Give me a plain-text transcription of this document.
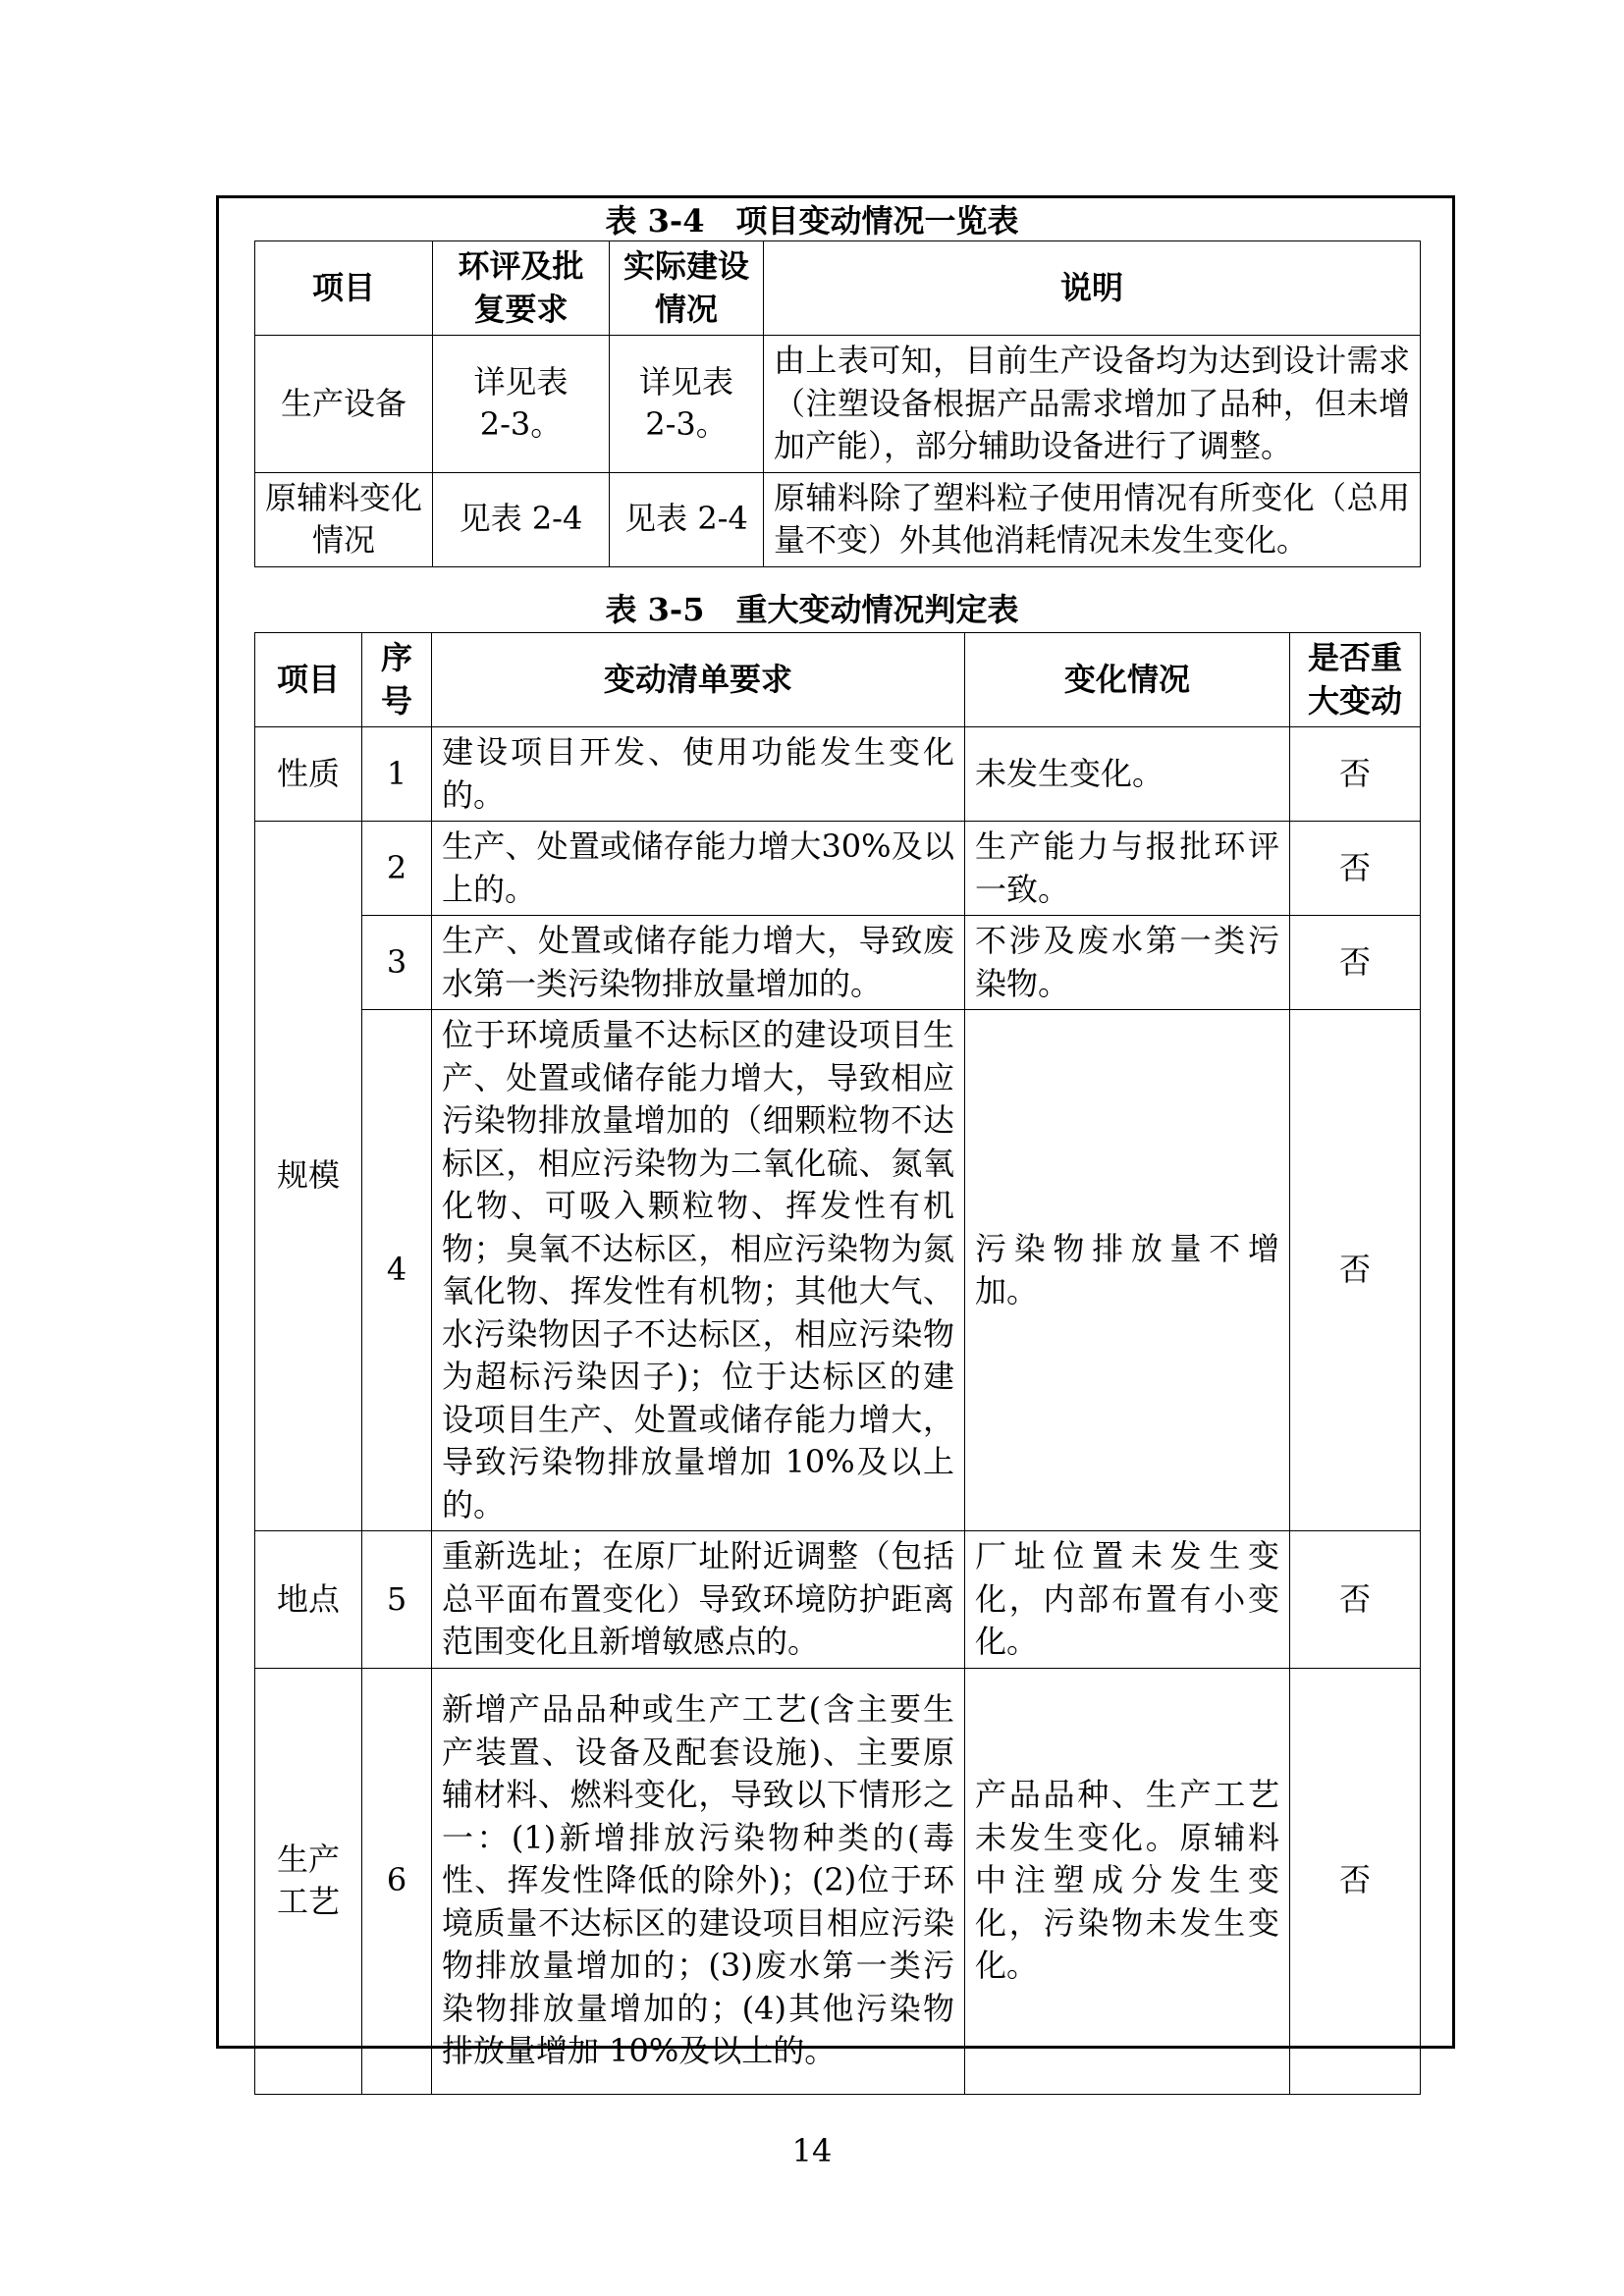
表 3-4　项目变动情况一览表
项目	环评及批复要求	实际建设情况	说明
生产设备	详见表2-3。	详见表2-3。	由上表可知，目前生产设备均为达到设计需求（注塑设备根据产品需求增加了品种，但未增加产能），部分辅助设备进行了调整。
原辅料变化情况	见表 2-4	见表 2-4	原辅料除了塑料粒子使用情况有所变化（总用量不变）外其他消耗情况未发生变化。
表 3-5　重大变动情况判定表
项目	序号	变动清单要求	变化情况	是否重大变动
性质	1	建设项目开发、使用功能发生变化的。	未发生变化。	否
规模	2	生产、处置或储存能力增大30%及以上的。	生产能力与报批环评一致。	否
	3	生产、处置或储存能力增大，导致废水第一类污染物排放量增加的。	不涉及废水第一类污染物。	否
	4	位于环境质量不达标区的建设项目生产、处置或储存能力增大，导致相应污染物排放量增加的（细颗粒物不达标区，相应污染物为二氧化硫、氮氧化物、可吸入颗粒物、挥发性有机物；臭氧不达标区，相应污染物为氮氧化物、挥发性有机物；其他大气、水污染物因子不达标区，相应污染物为超标污染因子)；位于达标区的建设项目生产、处置或储存能力增大，导致污染物排放量增加 10%及以上的。	污染物排放量不增加。	否
地点	5	重新选址；在原厂址附近调整（包括总平面布置变化）导致环境防护距离范围变化且新增敏感点的。	厂址位置未发生变化，内部布置有小变化。	否
生产工艺	6	新增产品品种或生产工艺(含主要生产装置、设备及配套设施)、主要原辅材料、燃料变化，导致以下情形之一：(1)新增排放污染物种类的(毒性、挥发性降低的除外)；(2)位于环境质量不达标区的建设项目相应污染物排放量增加的；(3)废水第一类污染物排放量增加的；(4)其他污染物排放量增加 10%及以上的。	产品品种、生产工艺未发生变化。原辅料中注塑成分发生变化，污染物未发生变化。	否
14
